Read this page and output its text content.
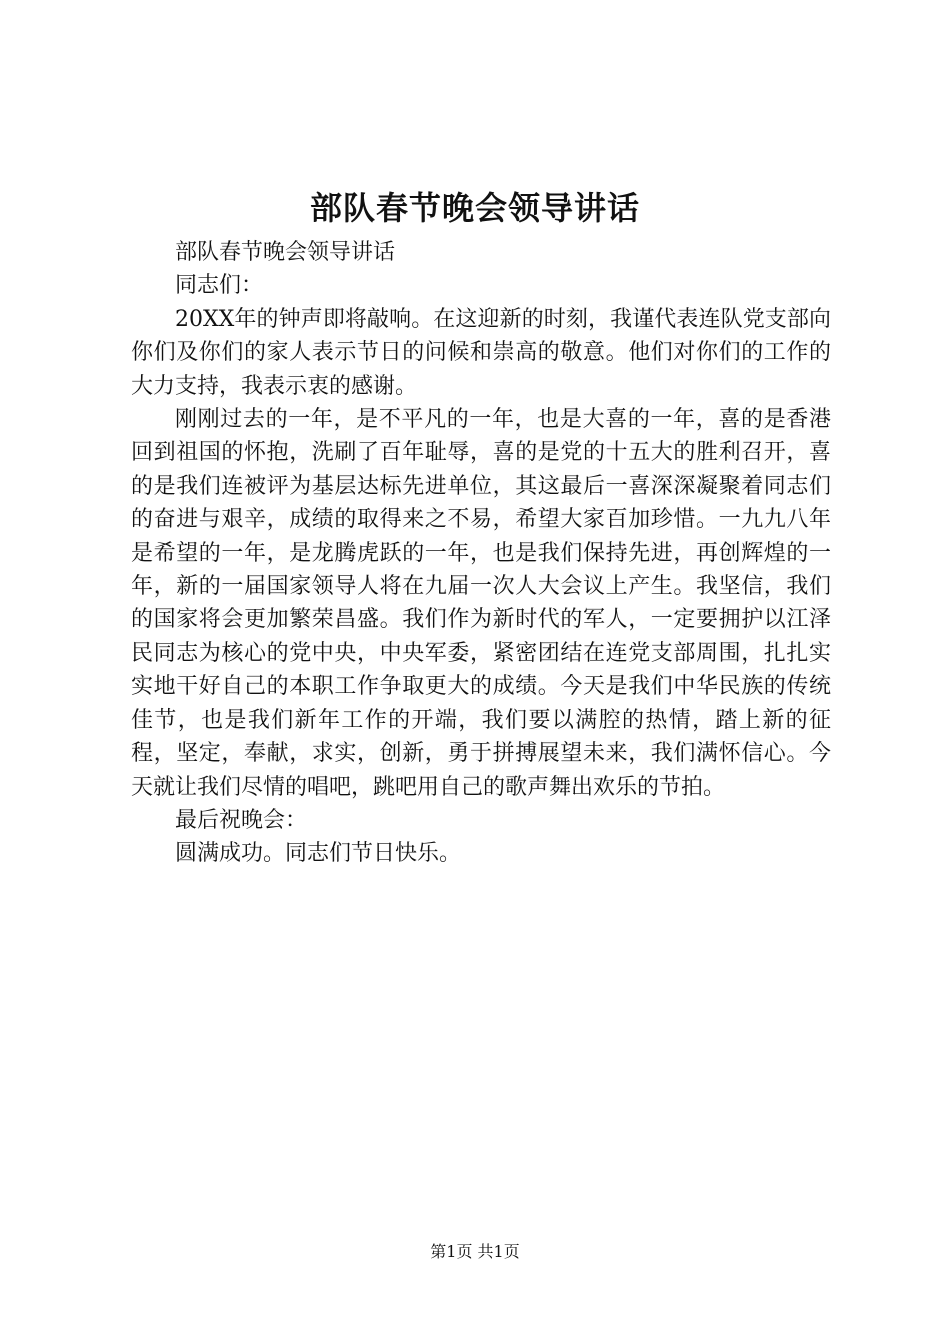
部队春节晚会领导讲话

部队春节晚会领导讲话

同志们：

20XX年的钟声即将敲响。在这迎新的时刻，我谨代表连队党支部向你们及你们的家人表示节日的问候和崇高的敬意。他们对你们的工作的大力支持，我表示衷的感谢。

刚刚过去的一年，是不平凡的一年，也是大喜的一年，喜的是香港回到祖国的怀抱，洗刷了百年耻辱，喜的是党的十五大的胜利召开，喜的是我们连被评为基层达标先进单位，其这最后一喜深深凝聚着同志们的奋进与艰辛，成绩的取得来之不易，希望大家百加珍惜。一九九八年是希望的一年，是龙腾虎跃的一年，也是我们保持先进，再创辉煌的一年，新的一届国家领导人将在九届一次人大会议上产生。我坚信，我们的国家将会更加繁荣昌盛。我们作为新时代的军人，一定要拥护以江泽民同志为核心的党中央，中央军委，紧密团结在连党支部周围，扎扎实实地干好自己的本职工作争取更大的成绩。今天是我们中华民族的传统佳节，也是我们新年工作的开端，我们要以满腔的热情，踏上新的征程，坚定，奉献，求实，创新，勇于拼搏展望未来，我们满怀信心。今天就让我们尽情的唱吧，跳吧用自己的歌声舞出欢乐的节拍。

最后祝晚会：

圆满成功。同志们节日快乐。

第1页 共1页
